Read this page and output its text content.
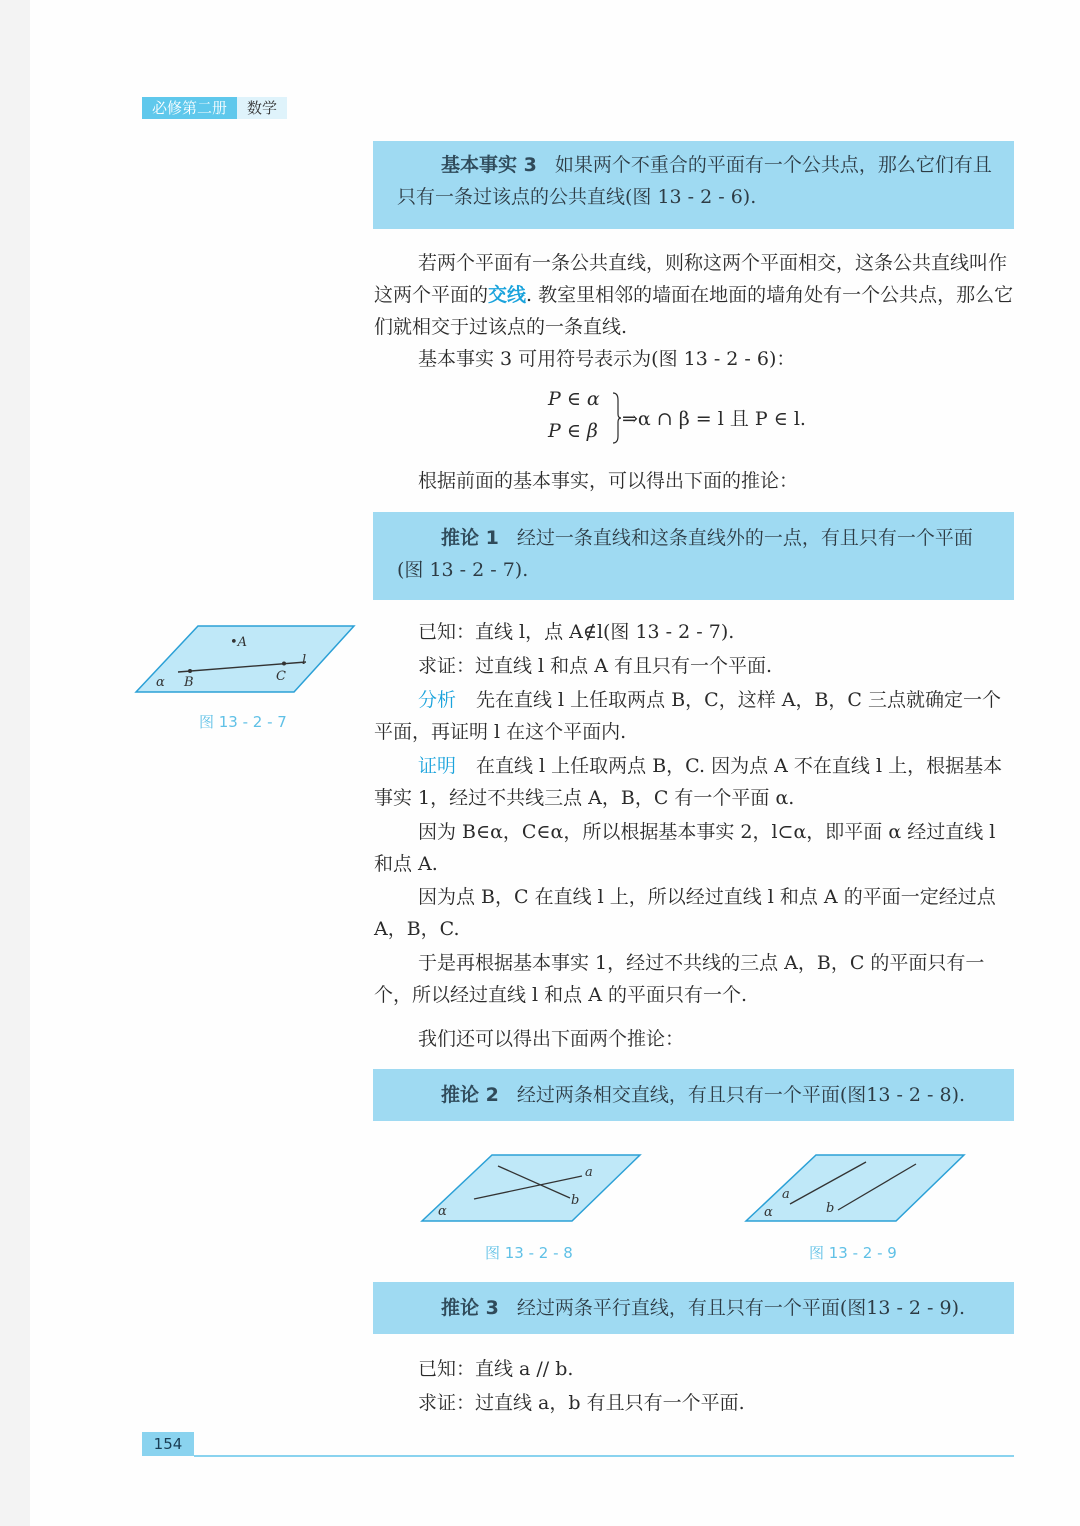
必修第二册	数学
基本事实 3 如果两个不重合的平面有一个公共点，那么它们有且只有一条过该点的公共直线(图 13 - 2 - 6).
若两个平面有一条公共直线，则称这两个平面相交，这条公共直线叫作这两个平面的交线. 教室里相邻的墙面在地面的墙角处有一个公共点，那么它们就相交于过该点的一条直线.
基本事实 3 可用符号表示为(图 13 - 2 - 6)：
P ∈ α
P ∈ β
⇒α ∩ β = l 且 P ∈ l.
根据前面的基本事实，可以得出下面的推论：
推论 1 经过一条直线和这条直线外的一点，有且只有一个平面(图 13 - 2 - 7).
•A
B	C
l
α
图 13 - 2 - 7
已知：直线 l，点 A∉l(图 13 - 2 - 7).
求证：过直线 l 和点 A 有且只有一个平面.
分析 先在直线 l 上任取两点 B，C，这样 A，B，C 三点就确定一个平面，再证明 l 在这个平面内.
证明 在直线 l 上任取两点 B，C. 因为点 A 不在直线 l 上，根据基本事实 1，经过不共线三点 A，B，C 有一个平面 α.
因为 B∈α，C∈α，所以根据基本事实 2，l⊂α，即平面 α 经过直线 l 和点 A.
因为点 B，C 在直线 l 上，所以经过直线 l 和点 A 的平面一定经过点 A，B，C.
于是再根据基本事实 1，经过不共线的三点 A，B，C 的平面只有一个，所以经过直线 l 和点 A 的平面只有一个.
我们还可以得出下面两个推论：
推论 2 经过两条相交直线，有且只有一个平面(图13 - 2 - 8).
a
b
α
图 13 - 2 - 8
a
b
α
图 13 - 2 - 9
推论 3 经过两条平行直线，有且只有一个平面(图13 - 2 - 9).
已知：直线 a // b.
求证：过直线 a，b 有且只有一个平面.
154
